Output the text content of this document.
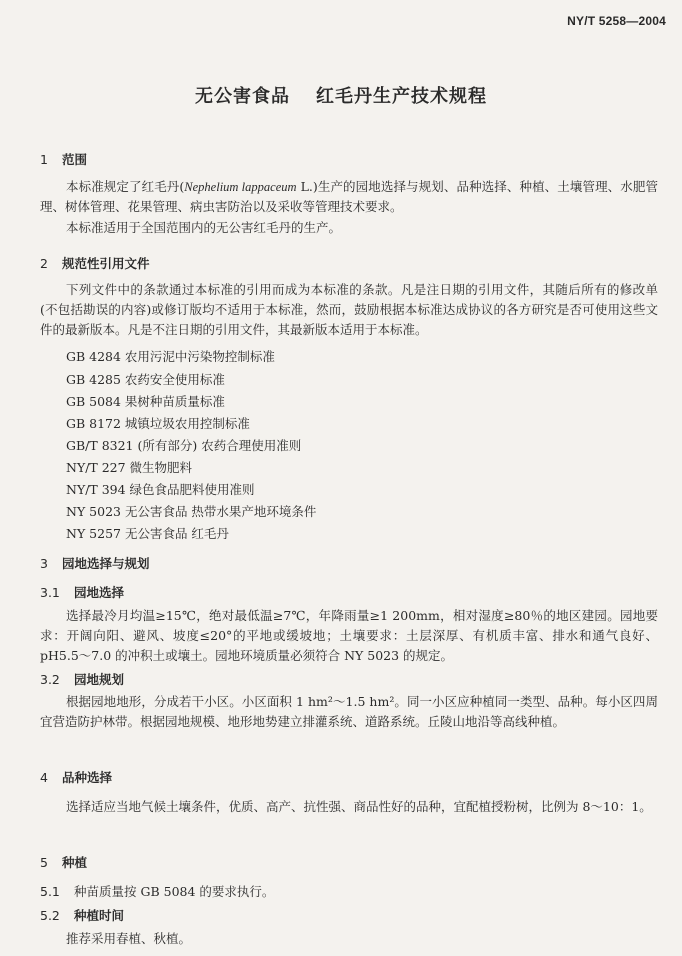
NY/T 5258—2004
无公害食品 红毛丹生产技术规程
1 范围
本标准规定了红毛丹(Nephelium lappaceum L.)生产的园地选择与规划、品种选择、种植、土壤管理、水肥管理、树体管理、花果管理、病虫害防治以及采收等管理技术要求。
本标准适用于全国范围内的无公害红毛丹的生产。
2 规范性引用文件
下列文件中的条款通过本标准的引用而成为本标准的条款。凡是注日期的引用文件，其随后所有的修改单(不包括勘误的内容)或修订版均不适用于本标准，然而，鼓励根据本标准达成协议的各方研究是否可使用这些文件的最新版本。凡是不注日期的引用文件，其最新版本适用于本标准。
GB 4284 农用污泥中污染物控制标准
GB 4285 农药安全使用标准
GB 5084 果树种苗质量标准
GB 8172 城镇垃圾农用控制标准
GB/T 8321 (所有部分) 农药合理使用准则
NY/T 227 微生物肥料
NY/T 394 绿色食品肥料使用准则
NY 5023 无公害食品 热带水果产地环境条件
NY 5257 无公害食品 红毛丹
3 园地选择与规划
3.1 园地选择
选择最冷月均温≥15℃，绝对最低温≥7℃，年降雨量≥1 200mm，相对湿度≥80％的地区建园。园地要求：开阔向阳、避风、坡度≤20°的平地或缓坡地；土壤要求：土层深厚、有机质丰富、排水和通气良好、pH5.5～7.0 的冲积土或壤土。园地环境质量必须符合 NY 5023 的规定。
3.2 园地规划
根据园地地形，分成若干小区。小区面积 1 hm²～1.5 hm²。同一小区应种植同一类型、品种。每小区四周宜营造防护林带。根据园地规模、地形地势建立排灌系统、道路系统。丘陵山地沿等高线种植。
4 品种选择
选择适应当地气候土壤条件，优质、高产、抗性强、商品性好的品种，宜配植授粉树，比例为 8～10：1。
5 种植
5.1 种苗质量按 GB 5084 的要求执行。
5.2 种植时间
推荐采用春植、秋植。
